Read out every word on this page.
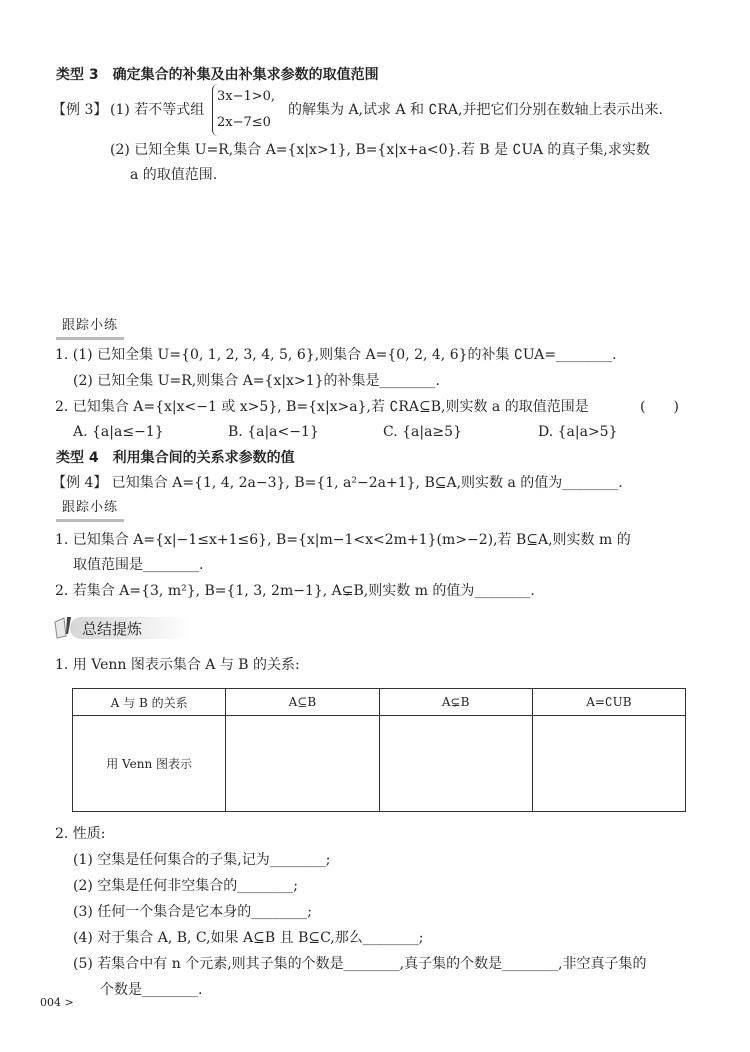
类型 3　确定集合的补集及由补集求参数的取值范围
【例 3】 (1) 若不等式组
3x−1>0,
2x−7≤0
的解集为 A,试求 A 和 ∁RA,并把它们分别在数轴上表示出来.
(2) 已知全集 U=R,集合 A={x|x>1}, B={x|x+a<0}.若 B 是 ∁UA 的真子集,求实数
a 的取值范围.
跟踪小练
1. (1) 已知全集 U={0, 1, 2, 3, 4, 5, 6},则集合 A={0, 2, 4, 6}的补集 ∁UA=________.
(2) 已知全集 U=R,则集合 A={x|x>1}的补集是________.
2. 已知集合 A={x|x<−1 或 x>5}, B={x|x>a},若 ∁RA⊆B,则实数 a 的取值范围是	(　　)
A. {a|a≤−1}	B. {a|a<−1}	C. {a|a≥5}	D. {a|a>5}
类型 4　利用集合间的关系求参数的值
【例 4】 已知集合 A={1, 4, 2a−3}, B={1, a²−2a+1}, B⊆A,则实数 a 的值为________.
跟踪小练
1. 已知集合 A={x|−1≤x+1≤6}, B={x|m−1<x<2m+1}(m>−2),若 B⊆A,则实数 m 的
取值范围是________.
2. 若集合 A={3, m²}, B={1, 3, 2m−1}, A⊊B,则实数 m 的值为________.
总结提炼
1. 用 Venn 图表示集合 A 与 B 的关系:
A 与 B 的关系	A⊆B	A⊊B	A=∁UB
用 Venn 图表示			
2. 性质:
(1) 空集是任何集合的子集,记为________;
(2) 空集是任何非空集合的________;
(3) 任何一个集合是它本身的________;
(4) 对于集合 A, B, C,如果 A⊆B 且 B⊆C,那么________;
(5) 若集合中有 n 个元素,则其子集的个数是________,真子集的个数是________,非空真子集的
个数是________.
004 >
